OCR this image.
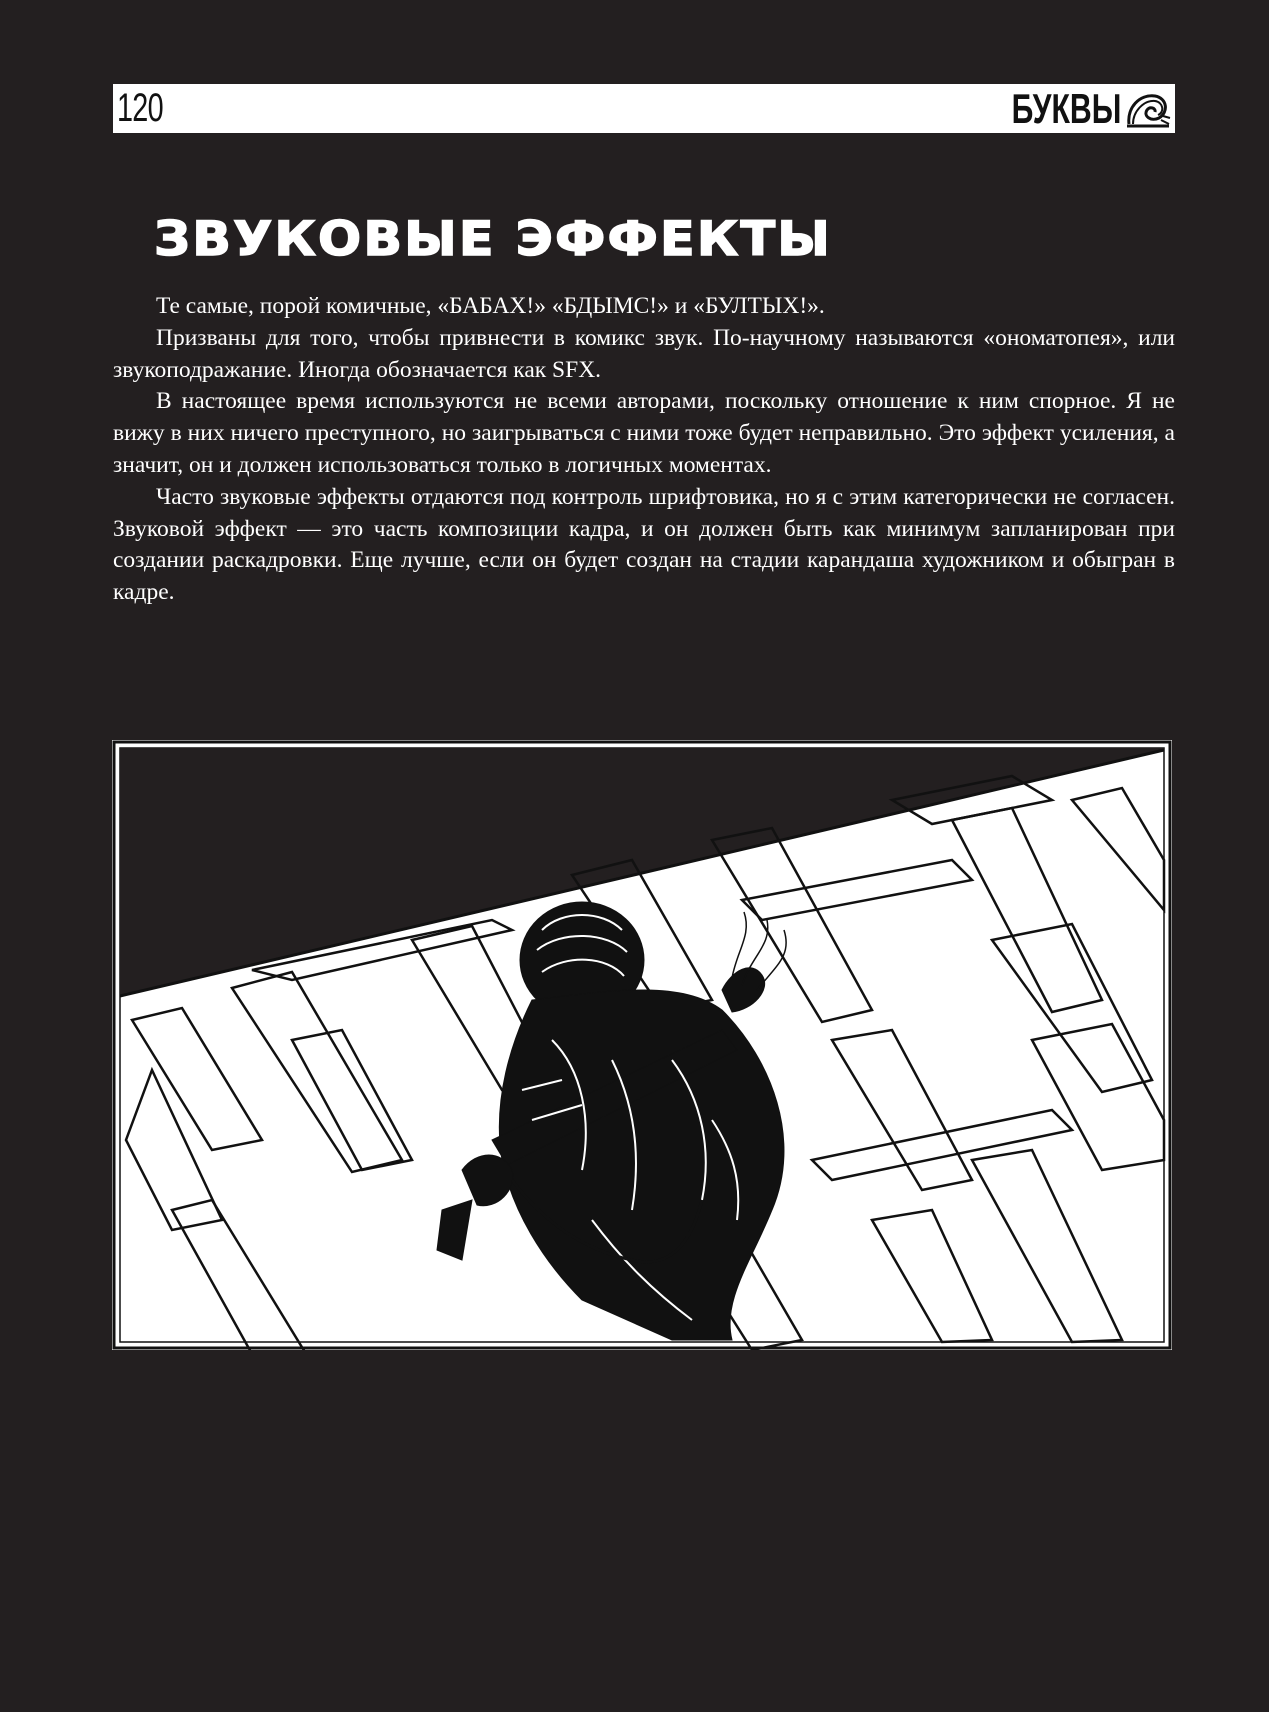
120	БУКВЫ
ЗВУКОВЫЕ ЭФФЕКТЫ

Те самые, порой комичные, «БАБАХ!» «БДЫМС!» и «БУЛТЫХ!».

Призваны для того, чтобы привнести в комикс звук. По-научному называются «ономатопея», или звукоподражание. Иногда обозначается как SFX.

В настоящее время используются не всеми авторами, поскольку отношение к ним спорное. Я не вижу в них ничего преступного, но заигрываться с ними тоже будет неправильно. Это эффект усиления, а значит, он и должен использоваться только в логичных моментах.

Часто звуковые эффекты отдаются под контроль шрифтовика, но я с этим категорически не согласен. Звуковой эффект — это часть композиции кадра, и он должен быть как минимум запланирован при создании раскадровки. Еще лучше, если он будет создан на стадии карандаша художником и обыгран в кадре.
